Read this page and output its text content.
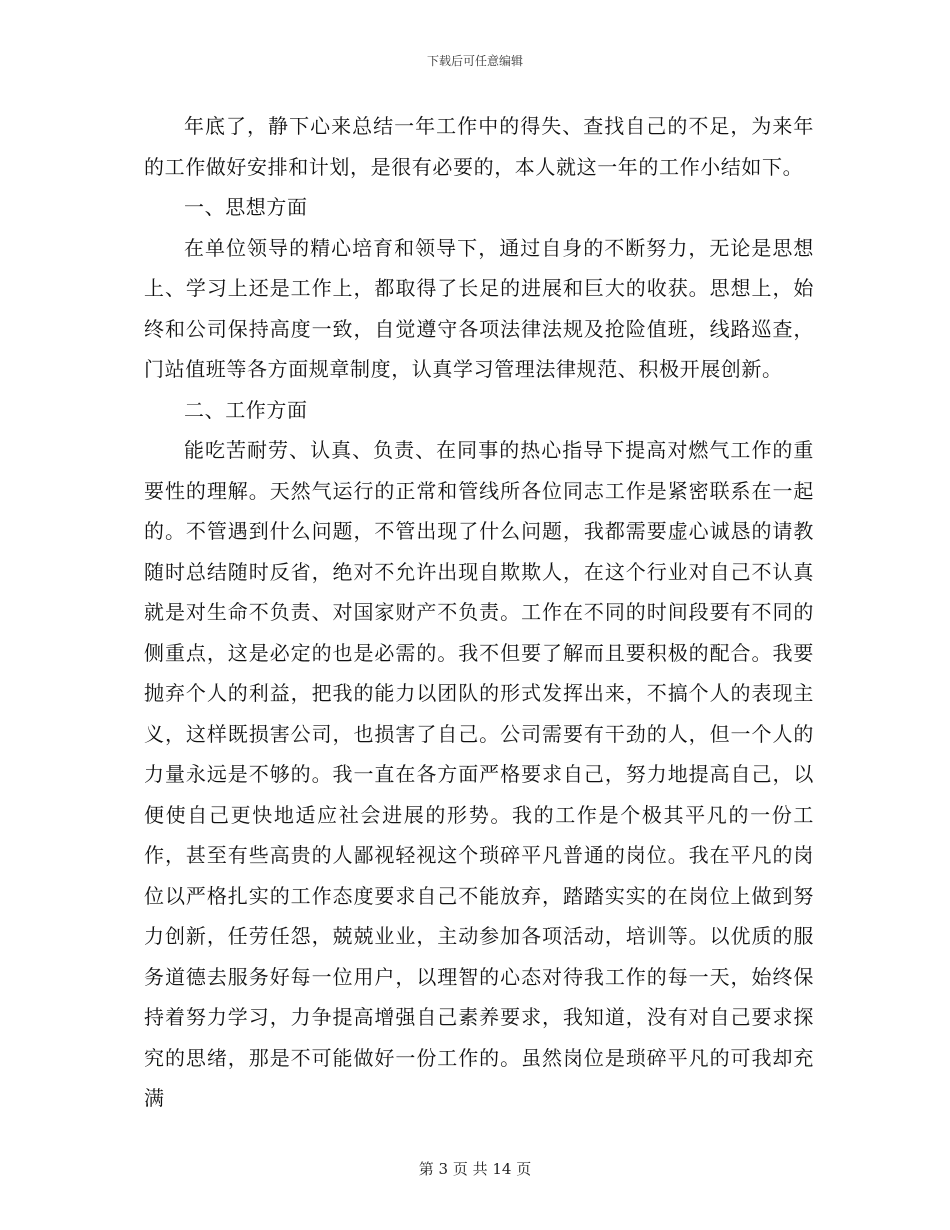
下载后可任意编辑

年底了，静下心来总结一年工作中的得失、查找自己的不足，为来年的工作做好安排和计划，是很有必要的，本人就这一年的工作小结如下。

一、思想方面

在单位领导的精心培育和领导下，通过自身的不断努力，无论是思想上、学习上还是工作上，都取得了长足的进展和巨大的收获。思想上，始终和公司保持高度一致，自觉遵守各项法律法规及抢险值班，线路巡查，门站值班等各方面规章制度，认真学习管理法律规范、积极开展创新。

二、工作方面

能吃苦耐劳、认真、负责、在同事的热心指导下提高对燃气工作的重要性的理解。天然气运行的正常和管线所各位同志工作是紧密联系在一起的。不管遇到什么问题，不管出现了什么问题，我都需要虚心诚恳的请教随时总结随时反省，绝对不允许出现自欺欺人，在这个行业对自己不认真就是对生命不负责、对国家财产不负责。工作在不同的时间段要有不同的侧重点，这是必定的也是必需的。我不但要了解而且要积极的配合。我要抛弃个人的利益，把我的能力以团队的形式发挥出来，不搞个人的表现主义，这样既损害公司，也损害了自己。公司需要有干劲的人，但一个人的力量永远是不够的。我一直在各方面严格要求自己，努力地提高自己，以便使自己更快地适应社会进展的形势。我的工作是个极其平凡的一份工作，甚至有些高贵的人鄙视轻视这个琐碎平凡普通的岗位。我在平凡的岗位以严格扎实的工作态度要求自己不能放弃，踏踏实实的在岗位上做到努力创新，任劳任怨，兢兢业业，主动参加各项活动，培训等。以优质的服务道德去服务好每一位用户，以理智的心态对待我工作的每一天，始终保持着努力学习，力争提高增强自己素养要求，我知道，没有对自己要求探究的思绪，那是不可能做好一份工作的。虽然岗位是琐碎平凡的可我却充满

第 3 页 共 14 页
